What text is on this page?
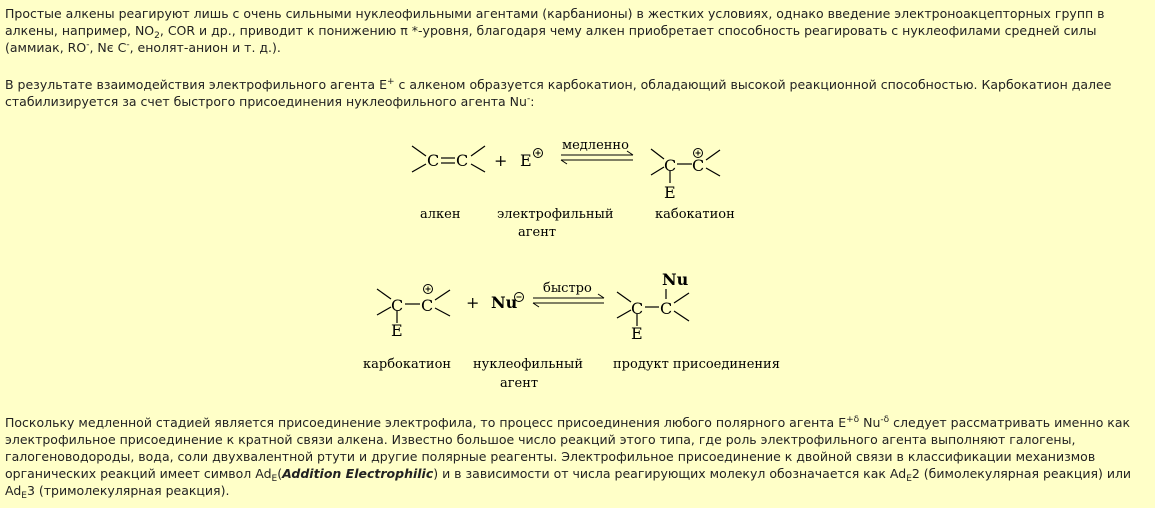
Простые алкены реагируют лишь с очень сильными нуклеофильными агентами (карбанионы) в жестких условиях, однако введение электроноакцепторных групп в алкены, например, $NO_2$, COR и др., приводит к понижению π *-уровня, благодаря чему алкен приобретает способность реагировать с нуклеофилами средней силы (аммиак, RO-, Nє C-, енолят-анион и т. д.).
В результате взаимодействия электрофильного агента E+ с алкеном образуется карбокатион, обладающий высокой реакционной способностью. Карбокатион далее стабилизируется за счет быстрого присоединения нуклеофильного агента Nu-:
C C + E
медленно
C C
E
алкен	электрофильный
агент
кабокатион
C C
E
+ Nu
быстро
C C
E
Nu
карбокатион нуклеофильный
агент
продукт присоединения
Поскольку медленной стадией является присоединение электрофила, то процесс присоединения любого полярного агента $E^{+\delta}$ $Nu^{-\delta}$ следует рассматривать именно как электрофильное присоединение к кратной связи алкена. Известно большое число реакций этого типа, где роль электрофильного агента выполняют галогены, галогеноводороды, вода, соли двухвалентной ртути и другие полярные реагенты. Электрофильное присоединение к двойной связи в классификации механизмов органических реакций имеет символ $Ad_E(Addition$ Electrophilic) и в зависимости от числа реагирующих молекул обозначается как $Ad_E2$ (бимолекулярная реакция) или $Ad_E3$ (тримолекулярная реакция).
